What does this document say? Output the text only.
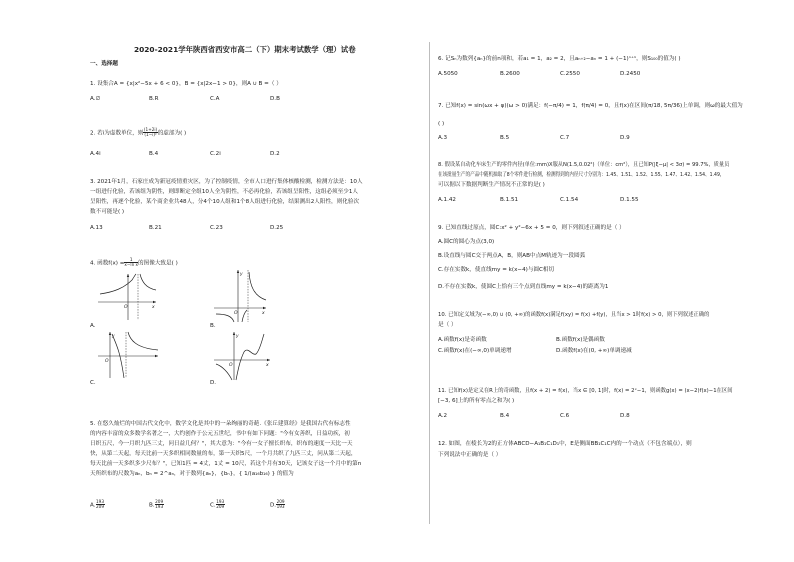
2020-2021学年陕西省西安市高二（下）期末考试数学（理）试卷
一、选择题
1. 设集合A = {x|x²−5x + 6 < 0}，B = {x|2x−1 > 0}，则A ∪ B =（ ）
A.∅	B.R	C.A	D.B
2. 若i为虚数单位，则 $\frac{(1+2i)}{\text{(1−i)²}}$ 的虚部为( )
A.4i	B.4	C.2i	D.2
3. 2021年1月，石家庄成为新冠疫情重灾区，为了控制疫情，全市人口进行集体核酸检测，检测方法是：10人
一组进行化验，若该组为阴性，则即断定全组10人全为阴性，不必再化验，若该组呈阳性，这组必须至少1人
呈阳性，再逐个化验，某个商企业共48人，分4个10人组和1个8人组进行化验，结果测出2人阳性，则化验次
数不可能是( )
A.13	B.21	C.23	D.25
4. 函数$f(x) = \frac{1}{\text{x−ln x}}$ 的图像大致是( )
O	x
A.
y
O	x
B.
y
O
C.
y
O	x
D.
5. 在悠久灿烂的中国古代文化中，数学文化是其中的一朵绚丽的奇葩.《张丘建算经》是我国古代有标志性
的内容丰富的众多数学名著之一，大约创作于公元五世纪，书中有如下问题："今有女善织，日益功疾，初
日织五尺，今一月织九匹三丈，问日益几何？"，其大意为："今有一女子擅长织布，织布的速度一天比一天
快，从第二天起，每天比前一天多织相同数量的布，第一天织5尺，一个月共织了九匹三丈，问从第二天起，
每天比前一天多织多少尺布？"，已知1匹 = 4丈，1丈 = 10尺，若这个月有30天，记该女子这一个月中的第n
天所织布的尺数为aₙ，bₙ = 2^aₙ，对于数列{aₙ}，{bₙ}，{ 1/(a₁₆b₁₆) } 的值为
A. $\frac{193}{209}$	B. $\frac{209}{193}$	C. $\frac{193}{209}$	D. $\frac{209}{193}$
6. 记Sₙ为数列{aₙ}的前n项和，若a₁ = 1，a₂ = 2，且aₙ₊₂−aₙ = 1 + (−1)ⁿ⁺¹，则S₁₀₀的值为( )
A.5050	B.2600	C.2550	D.2450
7. 已知f(x) = sin(ωx + φ)(ω > 0)满足：f(−π/4) = 1，f(π/4) = 0，且f(x)在区间(π/18, 5π/36)上单调，则ω的最大值为
( )
A.3	B.5	C.7	D.9
8. 假设某自动化车床生产的零件内径(单位:mm)X服从N(1.5,0.02²)（单位：cm²），且已知P(|ξ−μ| < 3σ) = 99.7%，质量员
在该批量生产的产品中随机抽取了8个零件进行检测，检测得到的内径尺寸分别为：1.45、1.51、1.52、1.55、1.47、1.42、1.54、1.49，
可以据以下数据判断生产情况不正常的是( )
A.1.42	B.1.51	C.1.54	D.1.55
9. 已知直线过原点，圆C:x² + y²−6x + 5 = 0，则下列叙述正确的是（ ）
A.圆C的圆心为点(3,0)
B.设直线与圆C交于两点A，B，则AB中点M轨迹为一段圆弧
C.存在实数k，使直线my = k(x−4)与圆C相切
D.不存在实数k，使圆C上恰有三个点到直线my = k(x−4)的距离为1
10. 已知定义域为(−∞,0) ∪ (0, +∞)的函数f(x)满足f(xy) = f(x) +f(y)，且当x > 1时f(x) > 0，则下列叙述正确的
是（ ）
A.函数f(x)是奇函数	B.函数f(x)是偶函数
C.函数f(x)在(−∞,0)单调递增	D.函数f(x)在(0, +∞)单调递减
11. 已知f(x)是定义在R上的奇函数，且f(x + 2) = f(x)，当x ∈ [0, 1]时，f(x) = 2ˣ−1，则函数g(x) = (x−2)f(x)−1在区间
[−3, 6]上的所有零点之和为( )
A.2	B.4	C.6	D.8
12. 如图，在棱长为2的正方体ABCD−A₁B₁C₁D₁中，E是侧面BB₁C₁C内的一个动点（不包含端点），则
下列说法中正确的是（ ）
